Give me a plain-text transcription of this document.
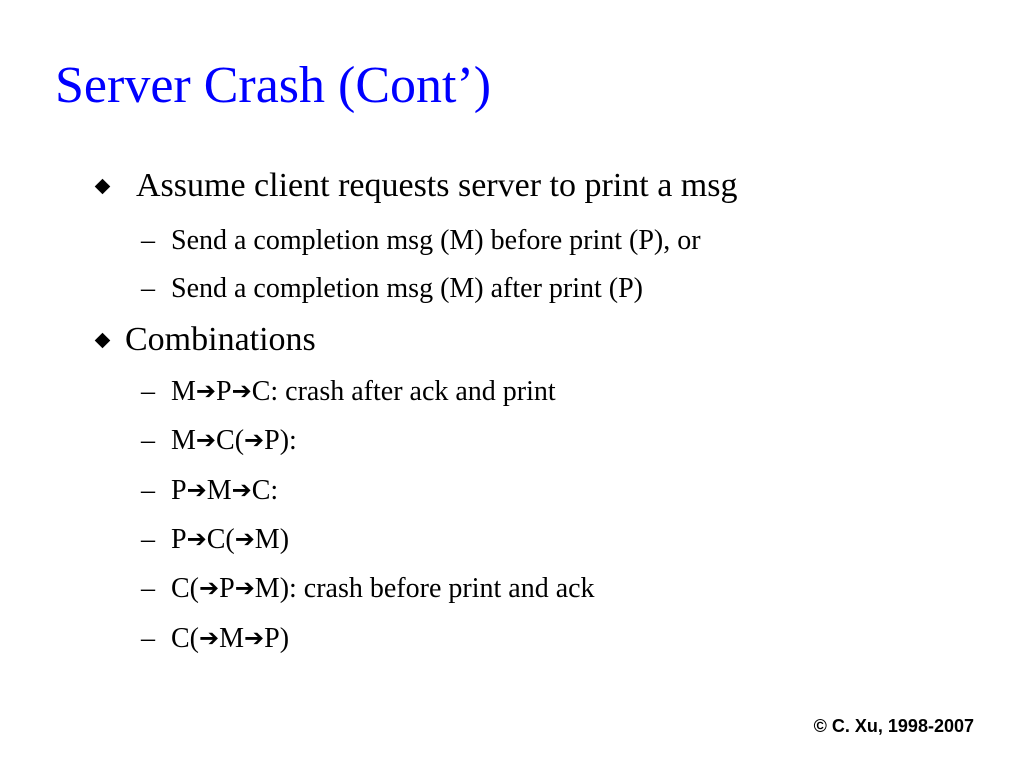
Server Crash (Cont’)
Assume client requests server to print a msg
– Send a completion msg (M) before print (P), or
– Send a completion msg (M) after print (P)
Combinations
– M➔P➔C: crash after ack and print
– M➔C(➔P):
– P➔M➔C:
– P➔C(➔M)
– C(➔P➔M): crash before print and ack
– C(➔M➔P)
© C. Xu, 1998-2007
